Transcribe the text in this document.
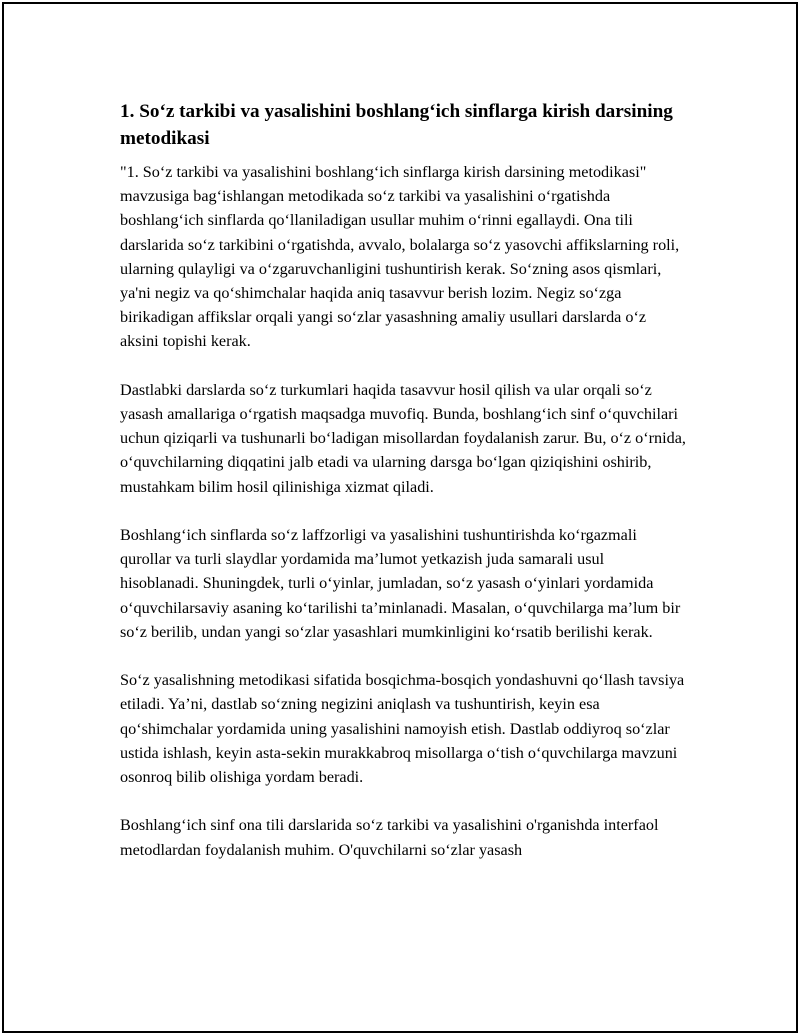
1. So‘z tarkibi va yasalishini boshlang‘ich sinflarga kirish darsining metodikasi

"1. So‘z tarkibi va yasalishini boshlang‘ich sinflarga kirish darsining metodikasi" mavzusiga bag‘ishlangan metodikada so‘z tarkibi va yasalishini o‘rgatishda boshlang‘ich sinflarda qo‘llaniladigan usullar muhim o‘rinni egallaydi. Ona tili darslarida so‘z tarkibini o‘rgatishda, avvalo, bolalarga so‘z yasovchi affikslarning roli, ularning qulayligi va o‘zgaruvchanligini tushuntirish kerak. So‘zning asos qismlari, ya'ni negiz va qo‘shimchalar haqida aniq tasavvur berish lozim. Negiz so‘zga birikadigan affikslar orqali yangi so‘zlar yasashning amaliy usullari darslarda o‘z aksini topishi kerak.

Dastlabki darslarda so‘z turkumlari haqida tasavvur hosil qilish va ular orqali so‘z yasash amallariga o‘rgatish maqsadga muvofiq. Bunda, boshlang‘ich sinf o‘quvchilari uchun qiziqarli va tushunarli bo‘ladigan misollardan foydalanish zarur. Bu, o‘z o‘rnida, o‘quvchilarning diqqatini jalb etadi va ularning darsga bo‘lgan qiziqishini oshirib, mustahkam bilim hosil qilinishiga xizmat qiladi.

Boshlang‘ich sinflarda so‘z laffzorligi va yasalishini tushuntirishda ko‘rgazmali qurollar va turli slaydlar yordamida ma’lumot yetkazish juda samarali usul hisoblanadi. Shuningdek, turli o‘yinlar, jumladan, so‘z yasash o‘yinlari yordamida o‘quvchilarsaviy asaning ko‘tarilishi ta’minlanadi. Masalan, o‘quvchilarga ma’lum bir so‘z berilib, undan yangi so‘zlar yasashlari mumkinligini ko‘rsatib berilishi kerak.

So‘z yasalishning metodikasi sifatida bosqichma-bosqich yondashuvni qo‘llash tavsiya etiladi. Ya’ni, dastlab so‘zning negizini aniqlash va tushuntirish, keyin esa qo‘shimchalar yordamida uning yasalishini namoyish etish. Dastlab oddiyroq so‘zlar ustida ishlash, keyin asta-sekin murakkabroq misollarga o‘tish o‘quvchilarga mavzuni osonroq bilib olishiga yordam beradi.

Boshlang‘ich sinf ona tili darslarida so‘z tarkibi va yasalishini o'rganishda interfaol metodlardan foydalanish muhim. O'quvchilarni so‘zlar yasash
